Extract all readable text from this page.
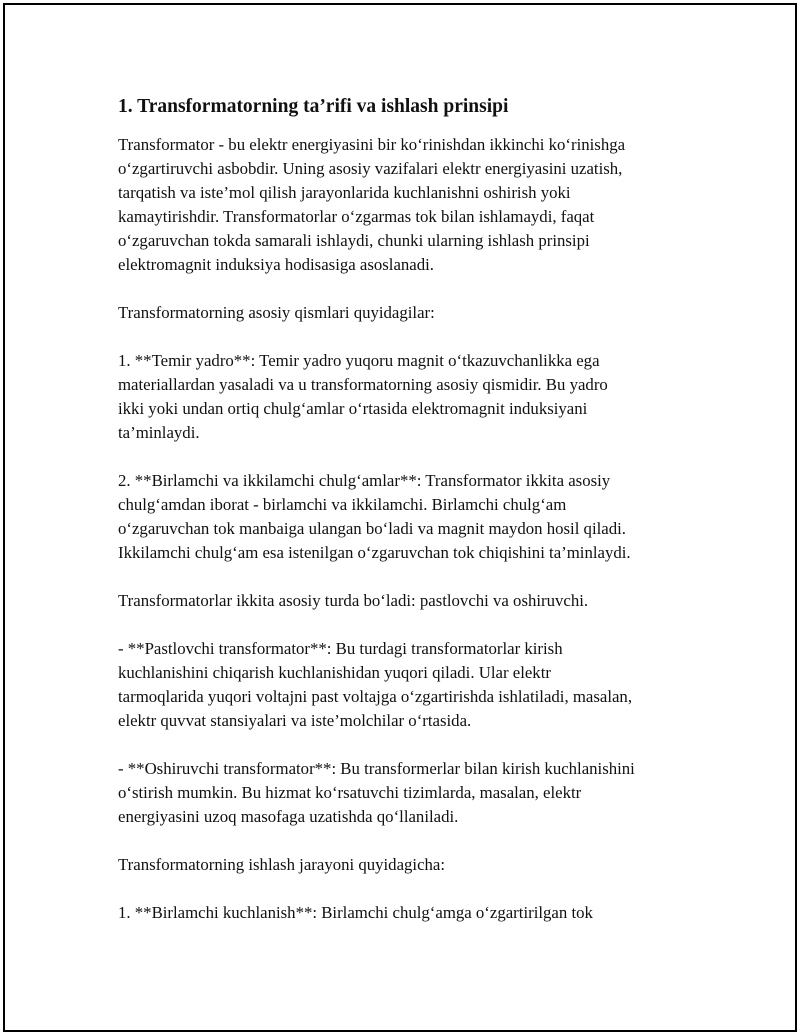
1. Transformatorning ta’rifi va ishlash prinsipi
Transformator - bu elektr energiyasini bir ko‘rinishdan ikkinchi ko‘rinishga
o‘zgartiruvchi asbobdir. Uning asosiy vazifalari elektr energiyasini uzatish,
tarqatish va iste’mol qilish jarayonlarida kuchlanishni oshirish yoki
kamaytirishdir. Transformatorlar o‘zgarmas tok bilan ishlamaydi, faqat
o‘zgaruvchan tokda samarali ishlaydi, chunki ularning ishlash prinsipi
elektromagnit induksiya hodisasiga asoslanadi.
Transformatorning asosiy qismlari quyidagilar:
1. **Temir yadro**: Temir yadro yuqoru magnit o‘tkazuvchanlikka ega
materiallardan yasaladi va u transformatorning asosiy qismidir. Bu yadro
ikki yoki undan ortiq chulg‘amlar o‘rtasida elektromagnit induksiyani
ta’minlaydi.
2. **Birlamchi va ikkilamchi chulg‘amlar**: Transformator ikkita asosiy
chulg‘amdan iborat - birlamchi va ikkilamchi. Birlamchi chulg‘am
o‘zgaruvchan tok manbaiga ulangan bo‘ladi va magnit maydon hosil qiladi.
Ikkilamchi chulg‘am esa istenilgan o‘zgaruvchan tok chiqishini ta’minlaydi.
Transformatorlar ikkita asosiy turda bo‘ladi: pastlovchi va oshiruvchi.
- **Pastlovchi transformator**: Bu turdagi transformatorlar kirish
kuchlanishini chiqarish kuchlanishidan yuqori qiladi. Ular elektr
tarmoqlarida yuqori voltajni past voltajga o‘zgartirishda ishlatiladi, masalan,
elektr quvvat stansiyalari va iste’molchilar o‘rtasida.
- **Oshiruvchi transformator**: Bu transformerlar bilan kirish kuchlanishini
o‘stirish mumkin. Bu hizmat ko‘rsatuvchi tizimlarda, masalan, elektr
energiyasini uzoq masofaga uzatishda qo‘llaniladi.
Transformatorning ishlash jarayoni quyidagicha:
1. **Birlamchi kuchlanish**: Birlamchi chulg‘amga o‘zgartirilgan tok
